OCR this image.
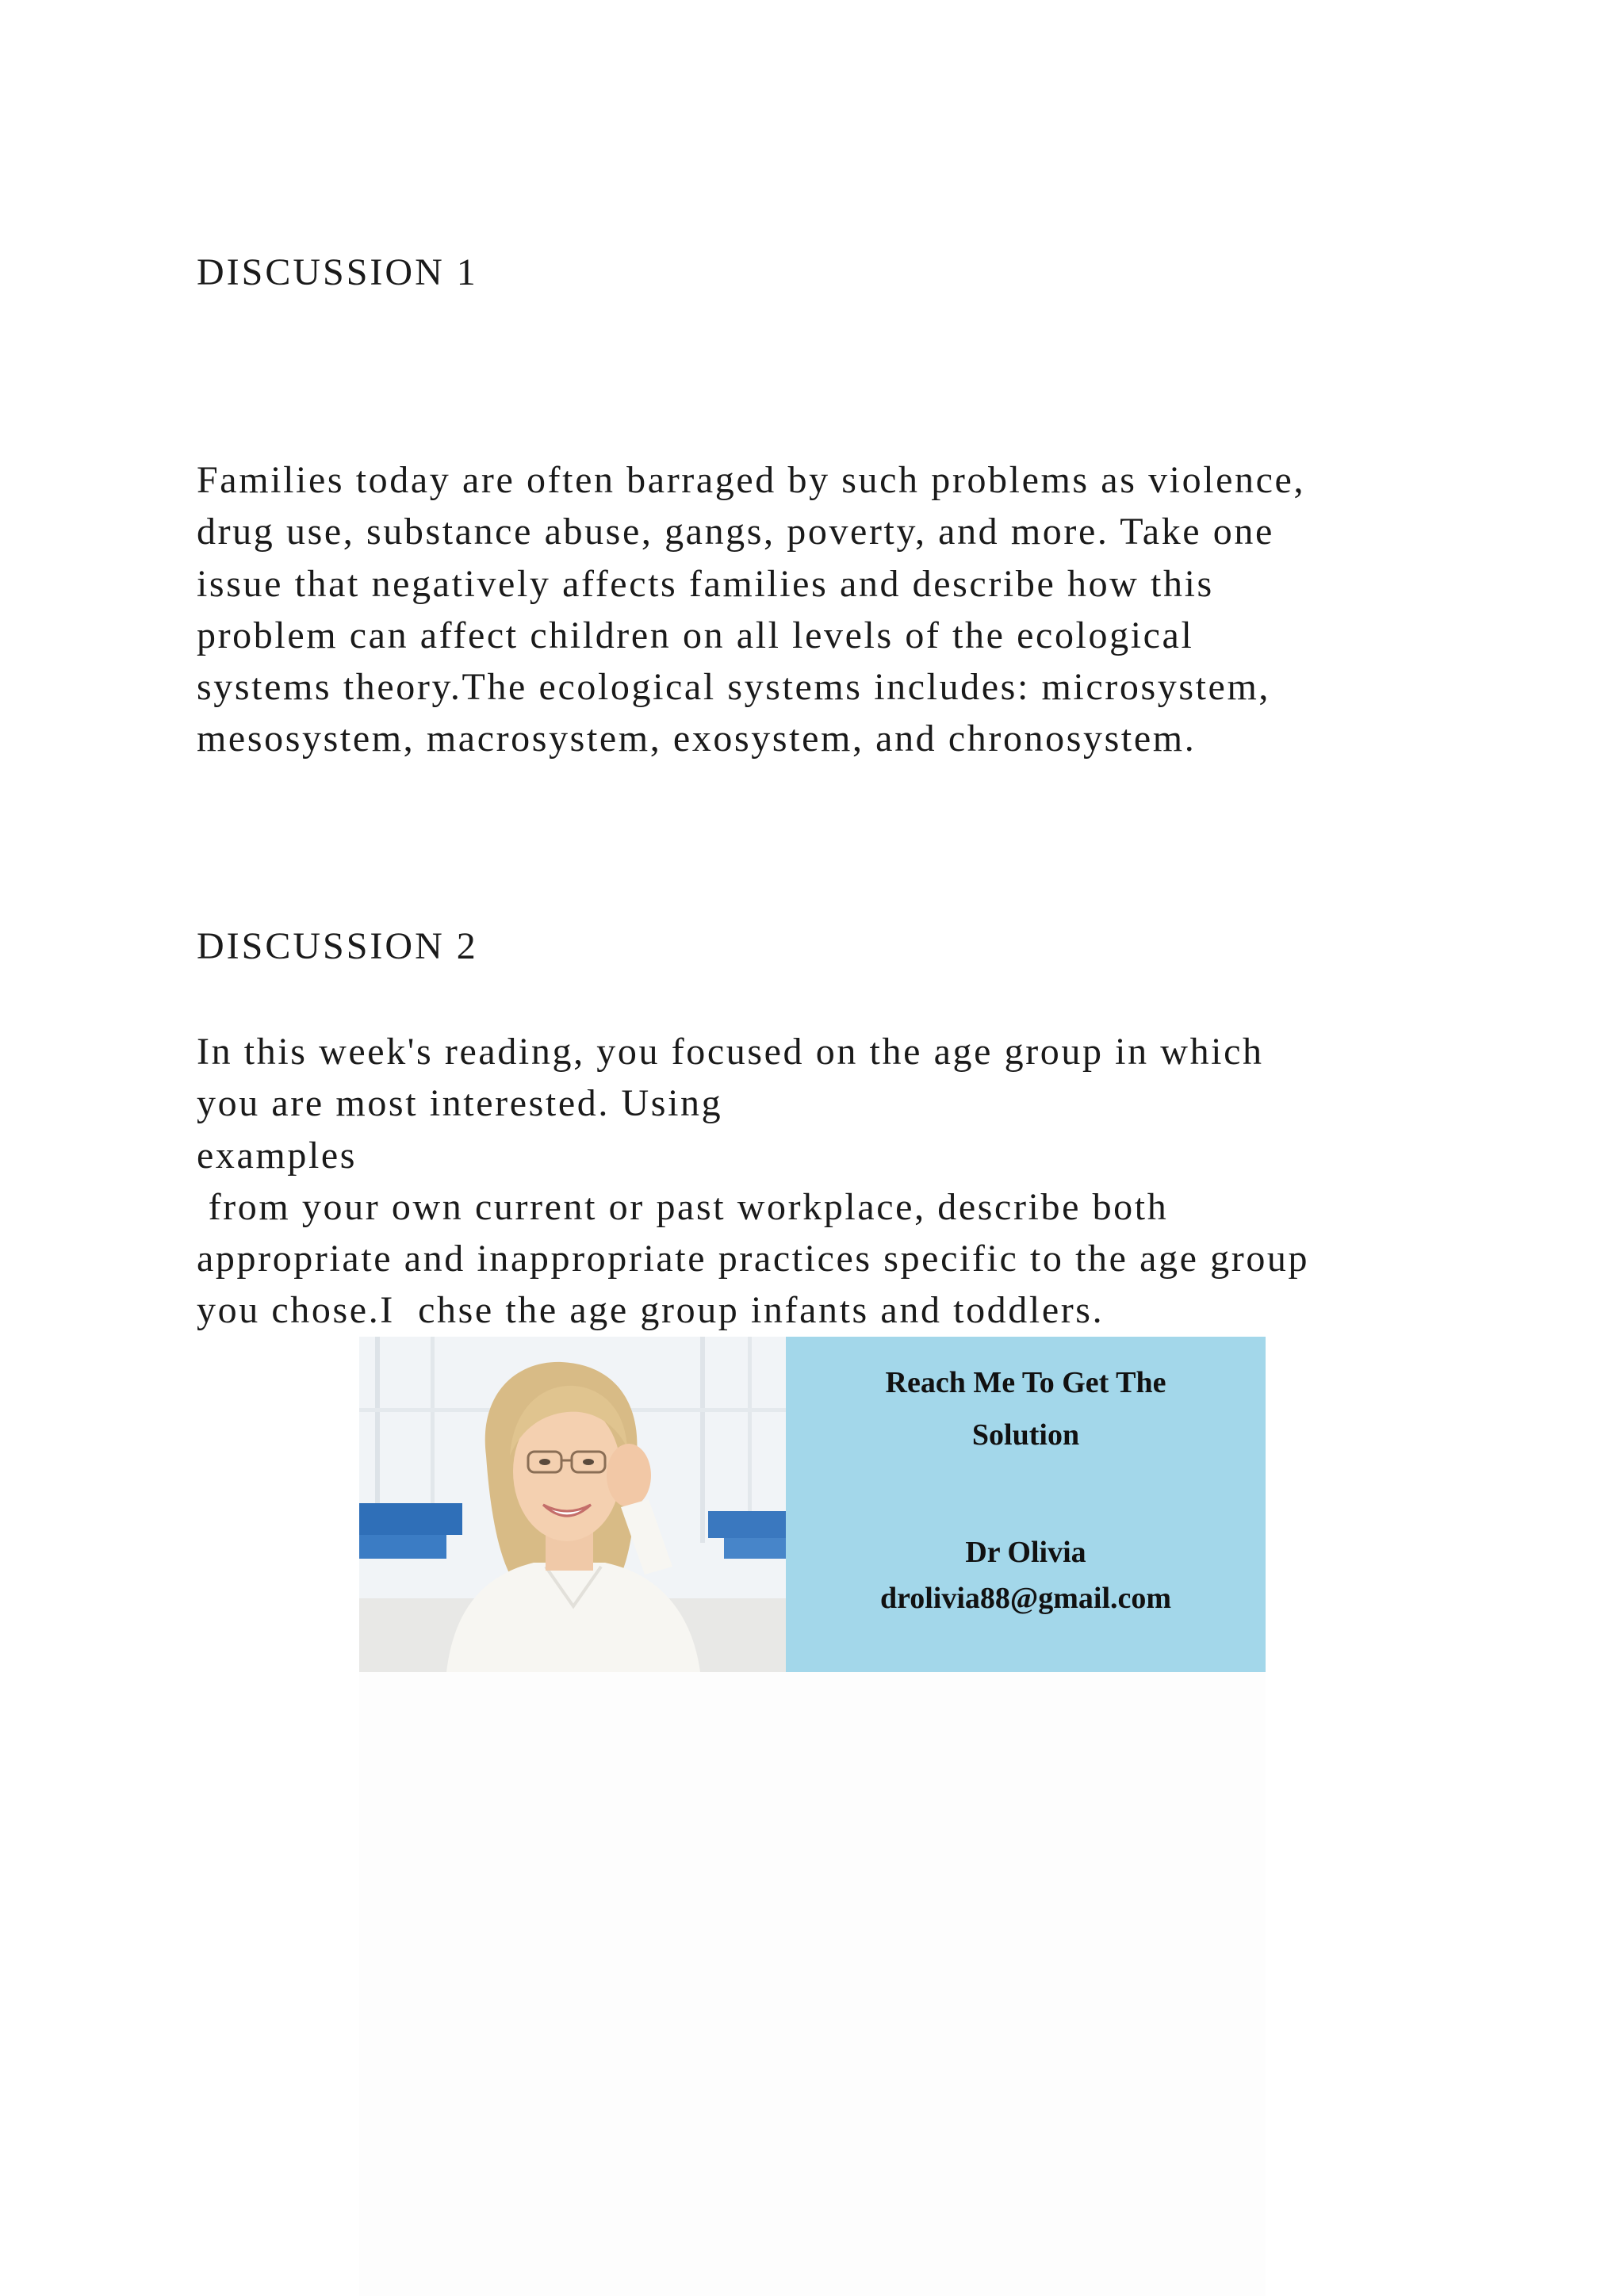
DISCUSSION 1

Families today are often barraged by such problems as violence,
drug use, substance abuse, gangs, poverty, and more. Take one
issue that negatively affects families and describe how this
problem can affect children on all levels of the ecological
systems theory.The ecological systems includes: microsystem,
mesosystem, macrosystem, exosystem, and chronosystem.

DISCUSSION 2

In this week's reading, you focused on the age group in which
you are most interested. Using
examples
from your own current or past workplace, describe both
appropriate and inappropriate practices specific to the age group
you chose.I  chse the age group infants and toddlers.

Reach Me To Get The
Solution
Dr Olivia
drolivia88@gmail.com
